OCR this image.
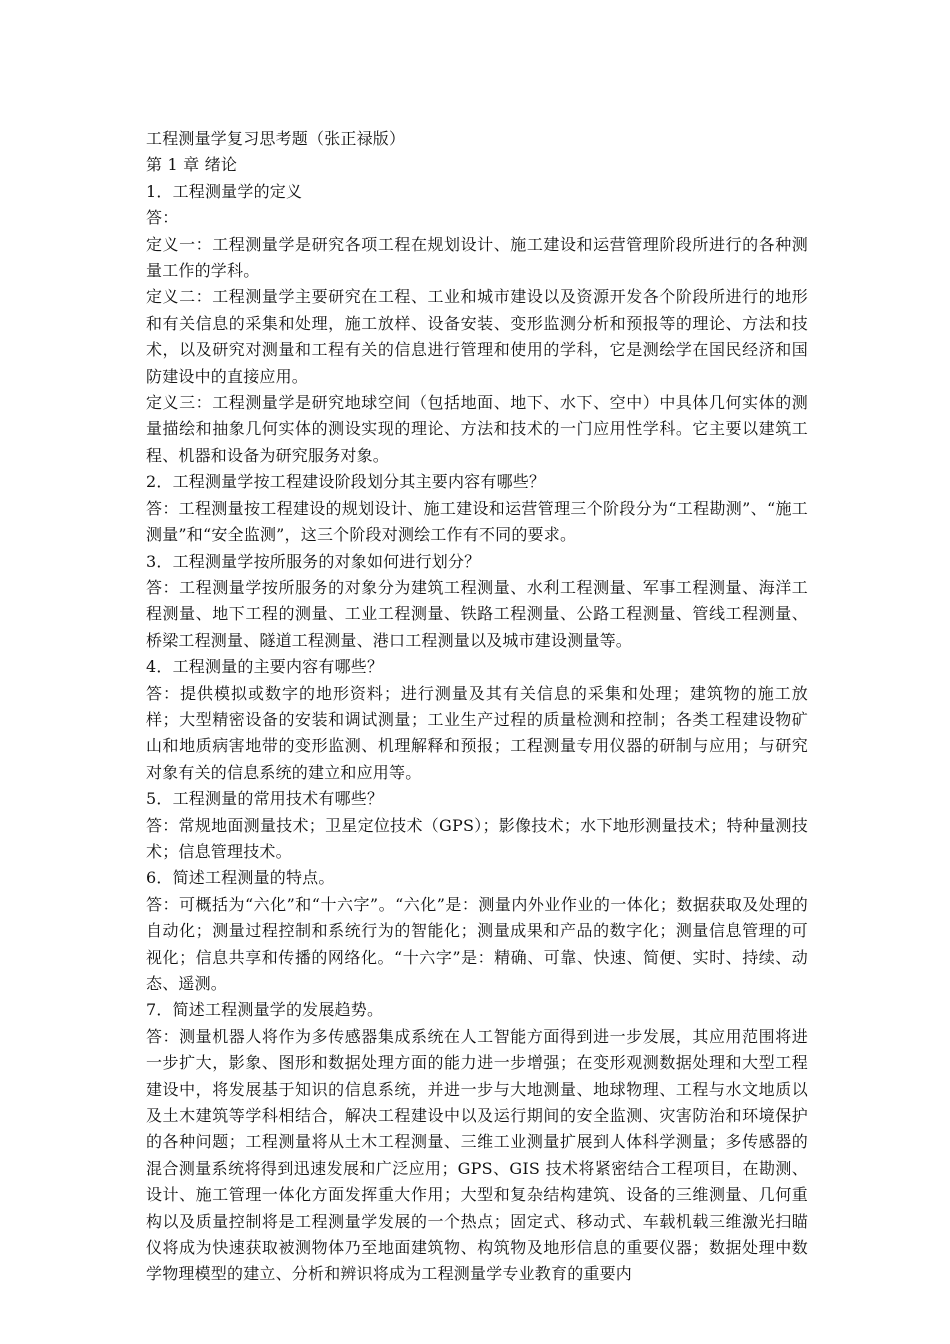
工程测量学复习思考题（张正禄版）

第 1 章 绪论

1．工程测量学的定义

答：

定义一：工程测量学是研究各项工程在规划设计、施工建设和运营管理阶段所进行的各种测量工作的学科。

定义二：工程测量学主要研究在工程、工业和城市建设以及资源开发各个阶段所进行的地形和有关信息的采集和处理，施工放样、设备安装、变形监测分析和预报等的理论、方法和技术，以及研究对测量和工程有关的信息进行管理和使用的学科，它是测绘学在国民经济和国防建设中的直接应用。

定义三：工程测量学是研究地球空间（包括地面、地下、水下、空中）中具体几何实体的测量描绘和抽象几何实体的测设实现的理论、方法和技术的一门应用性学科。它主要以建筑工程、机器和设备为研究服务对象。

2．工程测量学按工程建设阶段划分其主要内容有哪些？

答：工程测量按工程建设的规划设计、施工建设和运营管理三个阶段分为“工程勘测”、“施工测量”和“安全监测”，这三个阶段对测绘工作有不同的要求。

3．工程测量学按所服务的对象如何进行划分？

答：工程测量学按所服务的对象分为建筑工程测量、水利工程测量、军事工程测量、海洋工程测量、地下工程的测量、工业工程测量、铁路工程测量、公路工程测量、管线工程测量、桥梁工程测量、隧道工程测量、港口工程测量以及城市建设测量等。

4．工程测量的主要内容有哪些？

答：提供模拟或数字的地形资料；进行测量及其有关信息的采集和处理；建筑物的施工放样；大型精密设备的安装和调试测量；工业生产过程的质量检测和控制；各类工程建设物矿山和地质病害地带的变形监测、机理解释和预报；工程测量专用仪器的研制与应用；与研究对象有关的信息系统的建立和应用等。

5．工程测量的常用技术有哪些？

答：常规地面测量技术；卫星定位技术（GPS）；影像技术；水下地形测量技术；特种量测技术；信息管理技术。

6．简述工程测量的特点。

答：可概括为“六化”和“十六字”。“六化”是：测量内外业作业的一体化；数据获取及处理的自动化；测量过程控制和系统行为的智能化；测量成果和产品的数字化；测量信息管理的可视化；信息共享和传播的网络化。“十六字”是：精确、可靠、快速、简便、实时、持续、动态、遥测。

7．简述工程测量学的发展趋势。

答：测量机器人将作为多传感器集成系统在人工智能方面得到进一步发展，其应用范围将进一步扩大，影象、图形和数据处理方面的能力进一步增强；在变形观测数据处理和大型工程建设中，将发展基于知识的信息系统，并进一步与大地测量、地球物理、工程与水文地质以及土木建筑等学科相结合，解决工程建设中以及运行期间的安全监测、灾害防治和环境保护的各种问题；工程测量将从土木工程测量、三维工业测量扩展到人体科学测量；多传感器的混合测量系统将得到迅速发展和广泛应用；GPS、GIS 技术将紧密结合工程项目，在勘测、设计、施工管理一体化方面发挥重大作用；大型和复杂结构建筑、设备的三维测量、几何重构以及质量控制将是工程测量学发展的一个热点；固定式、移动式、车载机载三维激光扫瞄仪将成为快速获取被测物体乃至地面建筑物、构筑物及地形信息的重要仪器；数据处理中数学物理模型的建立、分析和辨识将成为工程测量学专业教育的重要内
